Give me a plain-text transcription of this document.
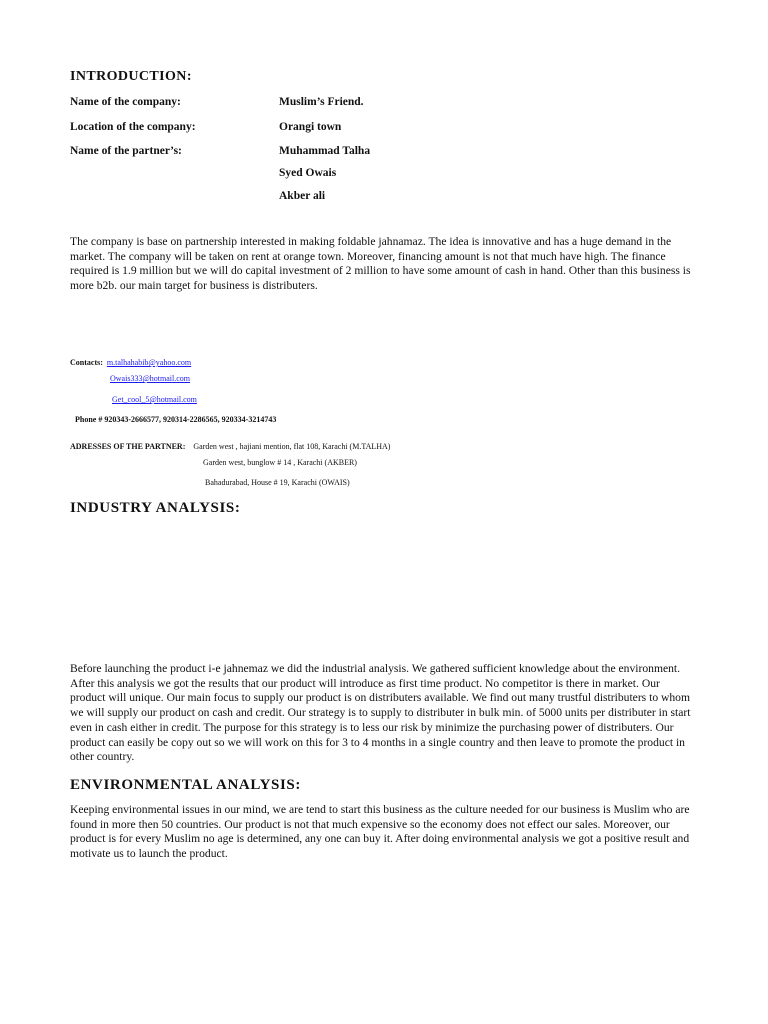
INTRODUCTION:
Name of the company:	Muslim’s Friend.
Location of the company:	Orangi town
Name of the partner’s:	Muhammad Talha
Syed Owais
Akber ali
The company is base on partnership interested in making foldable jahnamaz. The idea is innovative and has a huge demand in the market. The company will be taken on rent at orange town. Moreover, financing amount is not that much have high. The finance required is 1.9 million but we will do capital investment of 2 million to have some amount of cash in hand. Other than this business is more b2b. our main target for business is distributers.
Contacts: m.talhahabib@yahoo.com
Owais333@hotmail.com
Get_cool_5@hotmail.com
Phone # 920343-2666577, 920314-2286565, 920334-3214743
ADRESSES OF THE PARTNER: Garden west , hajiani mention, flat 108, Karachi (M.TALHA)
Garden west, bunglow # 14 , Karachi (AKBER)
Bahadurabad, House # 19, Karachi (OWAIS)
INDUSTRY ANALYSIS:
Before launching the product i-e jahnemaz we did the industrial analysis. We gathered sufficient knowledge about the environment. After this analysis we got the results that our product will introduce as first time product. No competitor is there in market. Our product will unique. Our main focus to supply our product is on distributers available. We find out many trustful distributers to whom we will supply our product on cash and credit. Our strategy is to supply to distributer in bulk min. of 5000 units per distributer in start even in cash either in credit. The purpose for this strategy is to less our risk by minimize the purchasing power of distributers. Our product can easily be copy out so we will work on this for 3 to 4 months in a single country and then leave to promote the product in other country.
ENVIRONMENTAL ANALYSIS:
Keeping environmental issues in our mind, we are tend to start this business as the culture needed for our business is Muslim who are found in more then 50 countries. Our product is not that much expensive so the economy does not effect our sales. Moreover, our product is for every Muslim no age is determined, any one can buy it. After doing environmental analysis we got a positive result and motivate us to launch the product.
